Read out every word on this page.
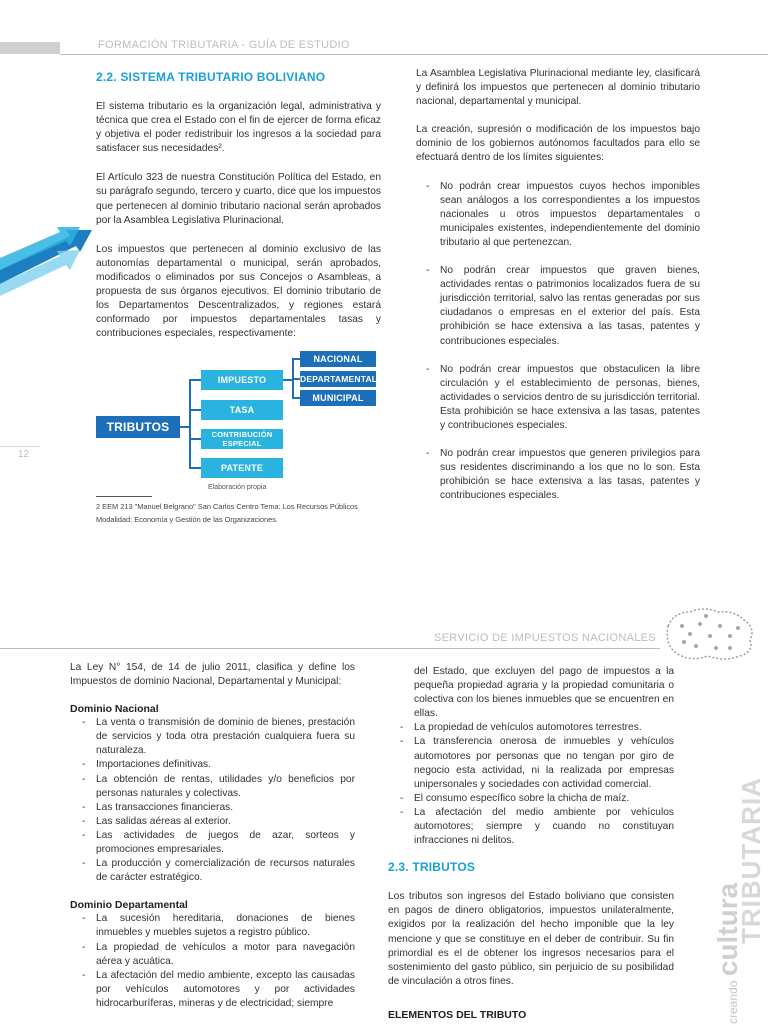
FORMACIÓN TRIBUTARIA - GUÍA DE ESTUDIO
12
2.2. SISTEMA TRIBUTARIO BOLIVIANO

El sistema tributario es la organización legal, administrativa y técnica que crea el Estado con el fin de ejercer de forma eficaz y objetiva el poder redistribuir los ingresos a la sociedad para satisfacer sus necesidades².

El Artículo 323 de nuestra Constitución Política del Estado, en su parágrafo segundo, tercero y cuarto, dice que los impuestos que pertenecen al dominio tributario nacional serán aprobados por la Asamblea Legislativa Plurinacional.

Los impuestos que pertenecen al dominio exclusivo de las autonomías departamental o municipal, serán aprobados, modificados o eliminados por sus Concejos o Asambleas, a propuesta de sus órganos ejecutivos. El dominio tributario de los Departamentos Descentralizados, y regiones estará conformado por impuestos departamentales tasas y contribuciones especiales, respectivamente:

TRIBUTOS
IMPUESTO
TASA
CONTRIBUCIÓN ESPECIAL
PATENTE
NACIONAL
DEPARTAMENTAL
MUNICIPAL
Elaboración propia
2 EEM 213 "Manuel Belgrano" San Carlos Centro Tema: Los Recursos Públicos Modalidad: Economía y Gestión de las Organizaciones.

La Asamblea Legislativa Plurinacional mediante ley, clasificará y definirá los impuestos que pertenecen al dominio tributario nacional, departamental y municipal.

La creación, supresión o modificación de los impuestos bajo dominio de los gobiernos autónomos facultados para ello se efectuará dentro de los límites siguientes:

- No podrán crear impuestos cuyos hechos imponibles sean análogos a los correspondientes a los impuestos nacionales u otros impuestos departamentales o municipales existentes, independientemente del dominio tributario al que pertenezcan.
- No podrán crear impuestos que graven bienes, actividades rentas o patrimonios localizados fuera de su jurisdicción territorial, salvo las rentas generadas por sus ciudadanos o empresas en el exterior del país. Esta prohibición se hace extensiva a las tasas, patentes y contribuciones especiales.
- No podrán crear impuestos que obstaculicen la libre circulación y el establecimiento de personas, bienes, actividades o servicios dentro de su jurisdicción territorial. Esta prohibición se hace extensiva a las tasas, patentes y contribuciones especiales.
- No podrán crear impuestos que generen privilegios para sus residentes discriminando a los que no lo son. Esta prohibición se hace extensiva a las tasas, patentes y contribuciones especiales.
SERVICIO DE IMPUESTOS NACIONALES

La Ley N° 154, de 14 de julio 2011, clasifica y define los Impuestos de dominio Nacional, Departamental y Municipal:

Dominio Nacional
- La venta o transmisión de dominio de bienes, prestación de servicios y toda otra prestación cualquiera fuera su naturaleza.
- Importaciones definitivas.
- La obtención de rentas, utilidades y/o beneficios por personas naturales y colectivas.
- Las transacciones financieras.
- Las salidas aéreas al exterior.
- Las actividades de juegos de azar, sorteos y promociones empresariales.
- La producción y comercialización de recursos naturales de carácter estratégico.
Dominio Departamental
- La sucesión hereditaria, donaciones de bienes inmuebles y muebles sujetos a registro público.
- La propiedad de vehículos a motor para navegación aérea y acuática.
- La afectación del medio ambiente, excepto las causadas por vehículos automotores y por actividades hidrocarburíferas, mineras y de electricidad; siempre

del Estado, que excluyen del pago de impuestos a la pequeña propiedad agraria y la propiedad comunitaria o colectiva con los bienes inmuebles que se encuentren en ellas.

- La propiedad de vehículos automotores terrestres.
- La transferencia onerosa de inmuebles y vehículos automotores por personas que no tengan por giro de negocio esta actividad, ni la realizada por empresas unipersonales y sociedades con actividad comercial.
- El consumo específico sobre la chicha de maíz.
- La afectación del medio ambiente por vehículos automotores; siempre y cuando no constituyan infracciones ni delitos.
2.3. TRIBUTOS

Los tributos son ingresos del Estado boliviano que consisten en pagos de dinero obligatorios, impuestos unilateralmente, exigidos por la realización del hecho imponible que la ley mencione y que se constituye en el deber de contribuir. Su fin primordial es el de obtener los ingresos necesarios para el sostenimiento del gasto público, sin perjuicio de su posibilidad de vinculación a otros fines.

ELEMENTOS DEL TRIBUTO	creando cultura
TRIBUTARIA
